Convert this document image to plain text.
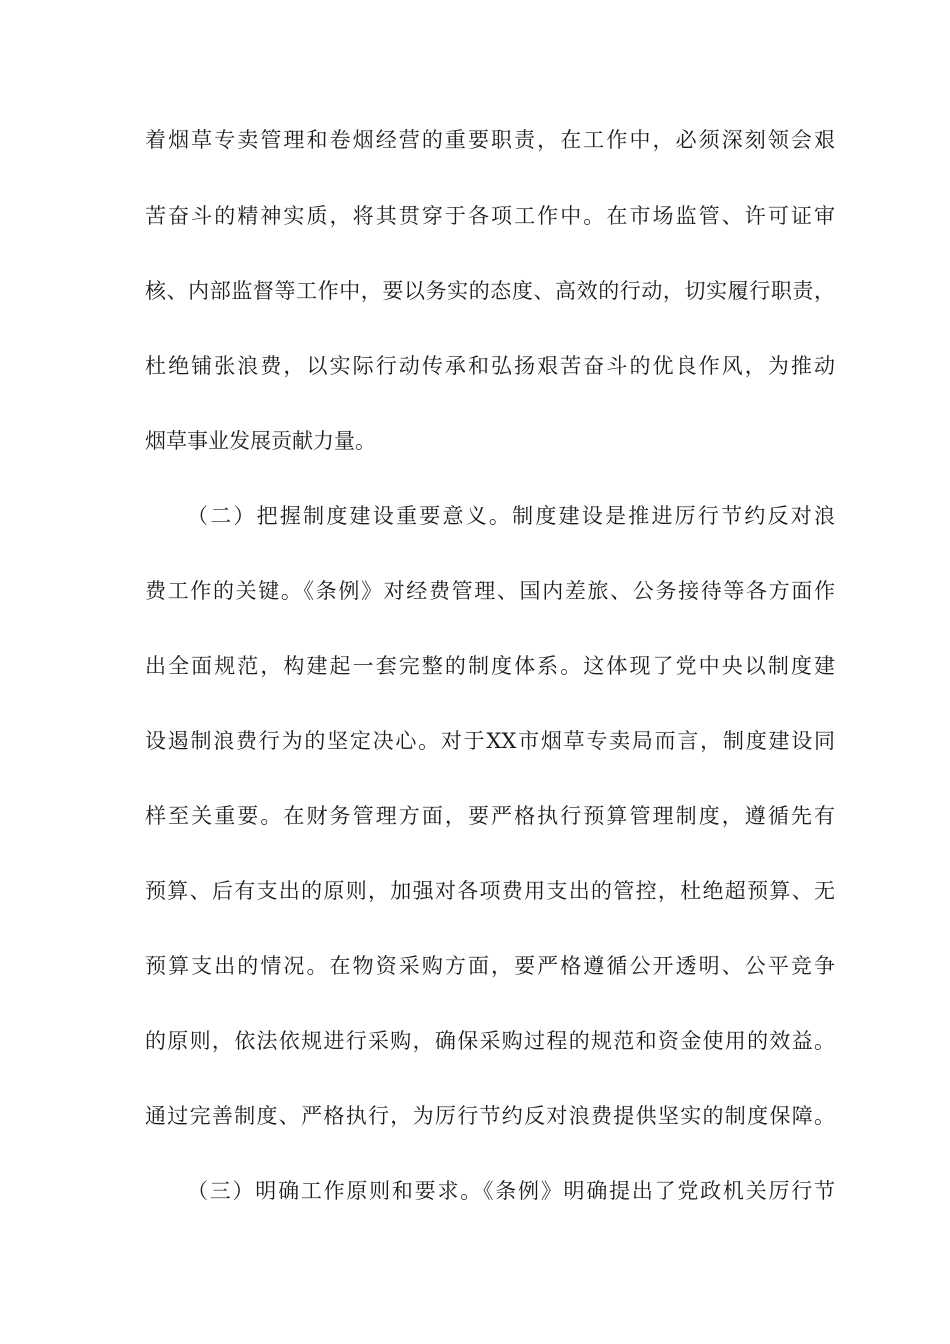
着烟草专卖管理和卷烟经营的重要职责，在工作中，必须深刻领会艰
苦奋斗的精神实质，将其贯穿于各项工作中。在市场监管、许可证审
核、内部监督等工作中，要以务实的态度、高效的行动，切实履行职责，
杜绝铺张浪费，以实际行动传承和弘扬艰苦奋斗的优良作风，为推动
烟草事业发展贡献力量。
（二）把握制度建设重要意义。制度建设是推进厉行节约反对浪
费工作的关键。《条例》对经费管理、国内差旅、公务接待等各方面作
出全面规范，构建起一套完整的制度体系。这体现了党中央以制度建
设遏制浪费行为的坚定决心。对于XX市烟草专卖局而言，制度建设同
样至关重要。在财务管理方面，要严格执行预算管理制度，遵循先有
预算、后有支出的原则，加强对各项费用支出的管控，杜绝超预算、无
预算支出的情况。在物资采购方面，要严格遵循公开透明、公平竞争
的原则，依法依规进行采购，确保采购过程的规范和资金使用的效益。
通过完善制度、严格执行，为厉行节约反对浪费提供坚实的制度保障。
（三）明确工作原则和要求。《条例》明确提出了党政机关厉行节
